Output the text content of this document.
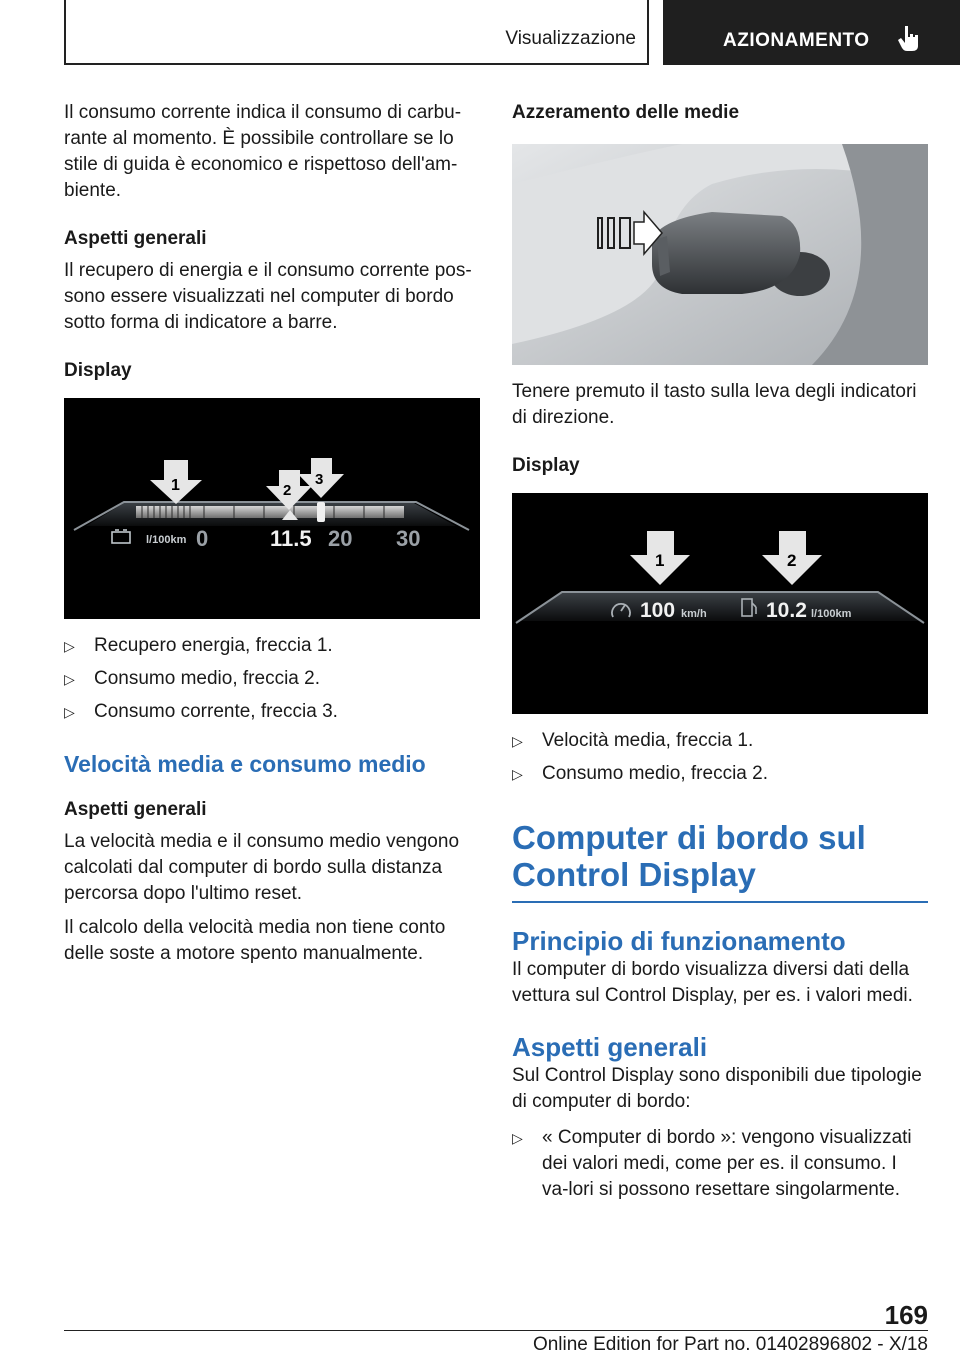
Visualizzazione	AZIONAMENTO

Il consumo corrente indica il consumo di carbu-rante al momento. È possibile controllare se lo stile di guida è economico e rispettoso dell'am-biente.

Aspetti generali

Il recupero di energia e il consumo corrente pos-sono essere visualizzati nel computer di bordo sotto forma di indicatore a barre.

Display

l/100km 0	11.5 20 30
1	2
3
▷ Recupero energia, freccia 1.
▷ Consumo medio, freccia 2.
▷ Consumo corrente, freccia 3.

Velocità media e consumo medio

Aspetti generali

La velocità media e il consumo medio vengono calcolati dal computer di bordo sulla distanza percorsa dopo l'ultimo reset.

Il calcolo della velocità media non tiene conto delle soste a motore spento manualmente.

Azzeramento delle medie

Tenere premuto il tasto sulla leva degli indicatori di direzione.

Display

100 km/h	10.2 l/100km
1	2
▷ Velocità media, freccia 1.
▷ Consumo medio, freccia 2.

Computer di bordo sul
Control Display

Principio di funzionamento

Il computer di bordo visualizza diversi dati della vettura sul Control Display, per es. i valori medi.

Aspetti generali

Sul Control Display sono disponibili due tipologie di computer di bordo:

▷ « Computer di bordo »: vengono visualizzati dei valori medi, come per es. il consumo. I va-lori si possono resettare singolarmente.
169
Online Edition for Part no. 01402896802 - X/18
